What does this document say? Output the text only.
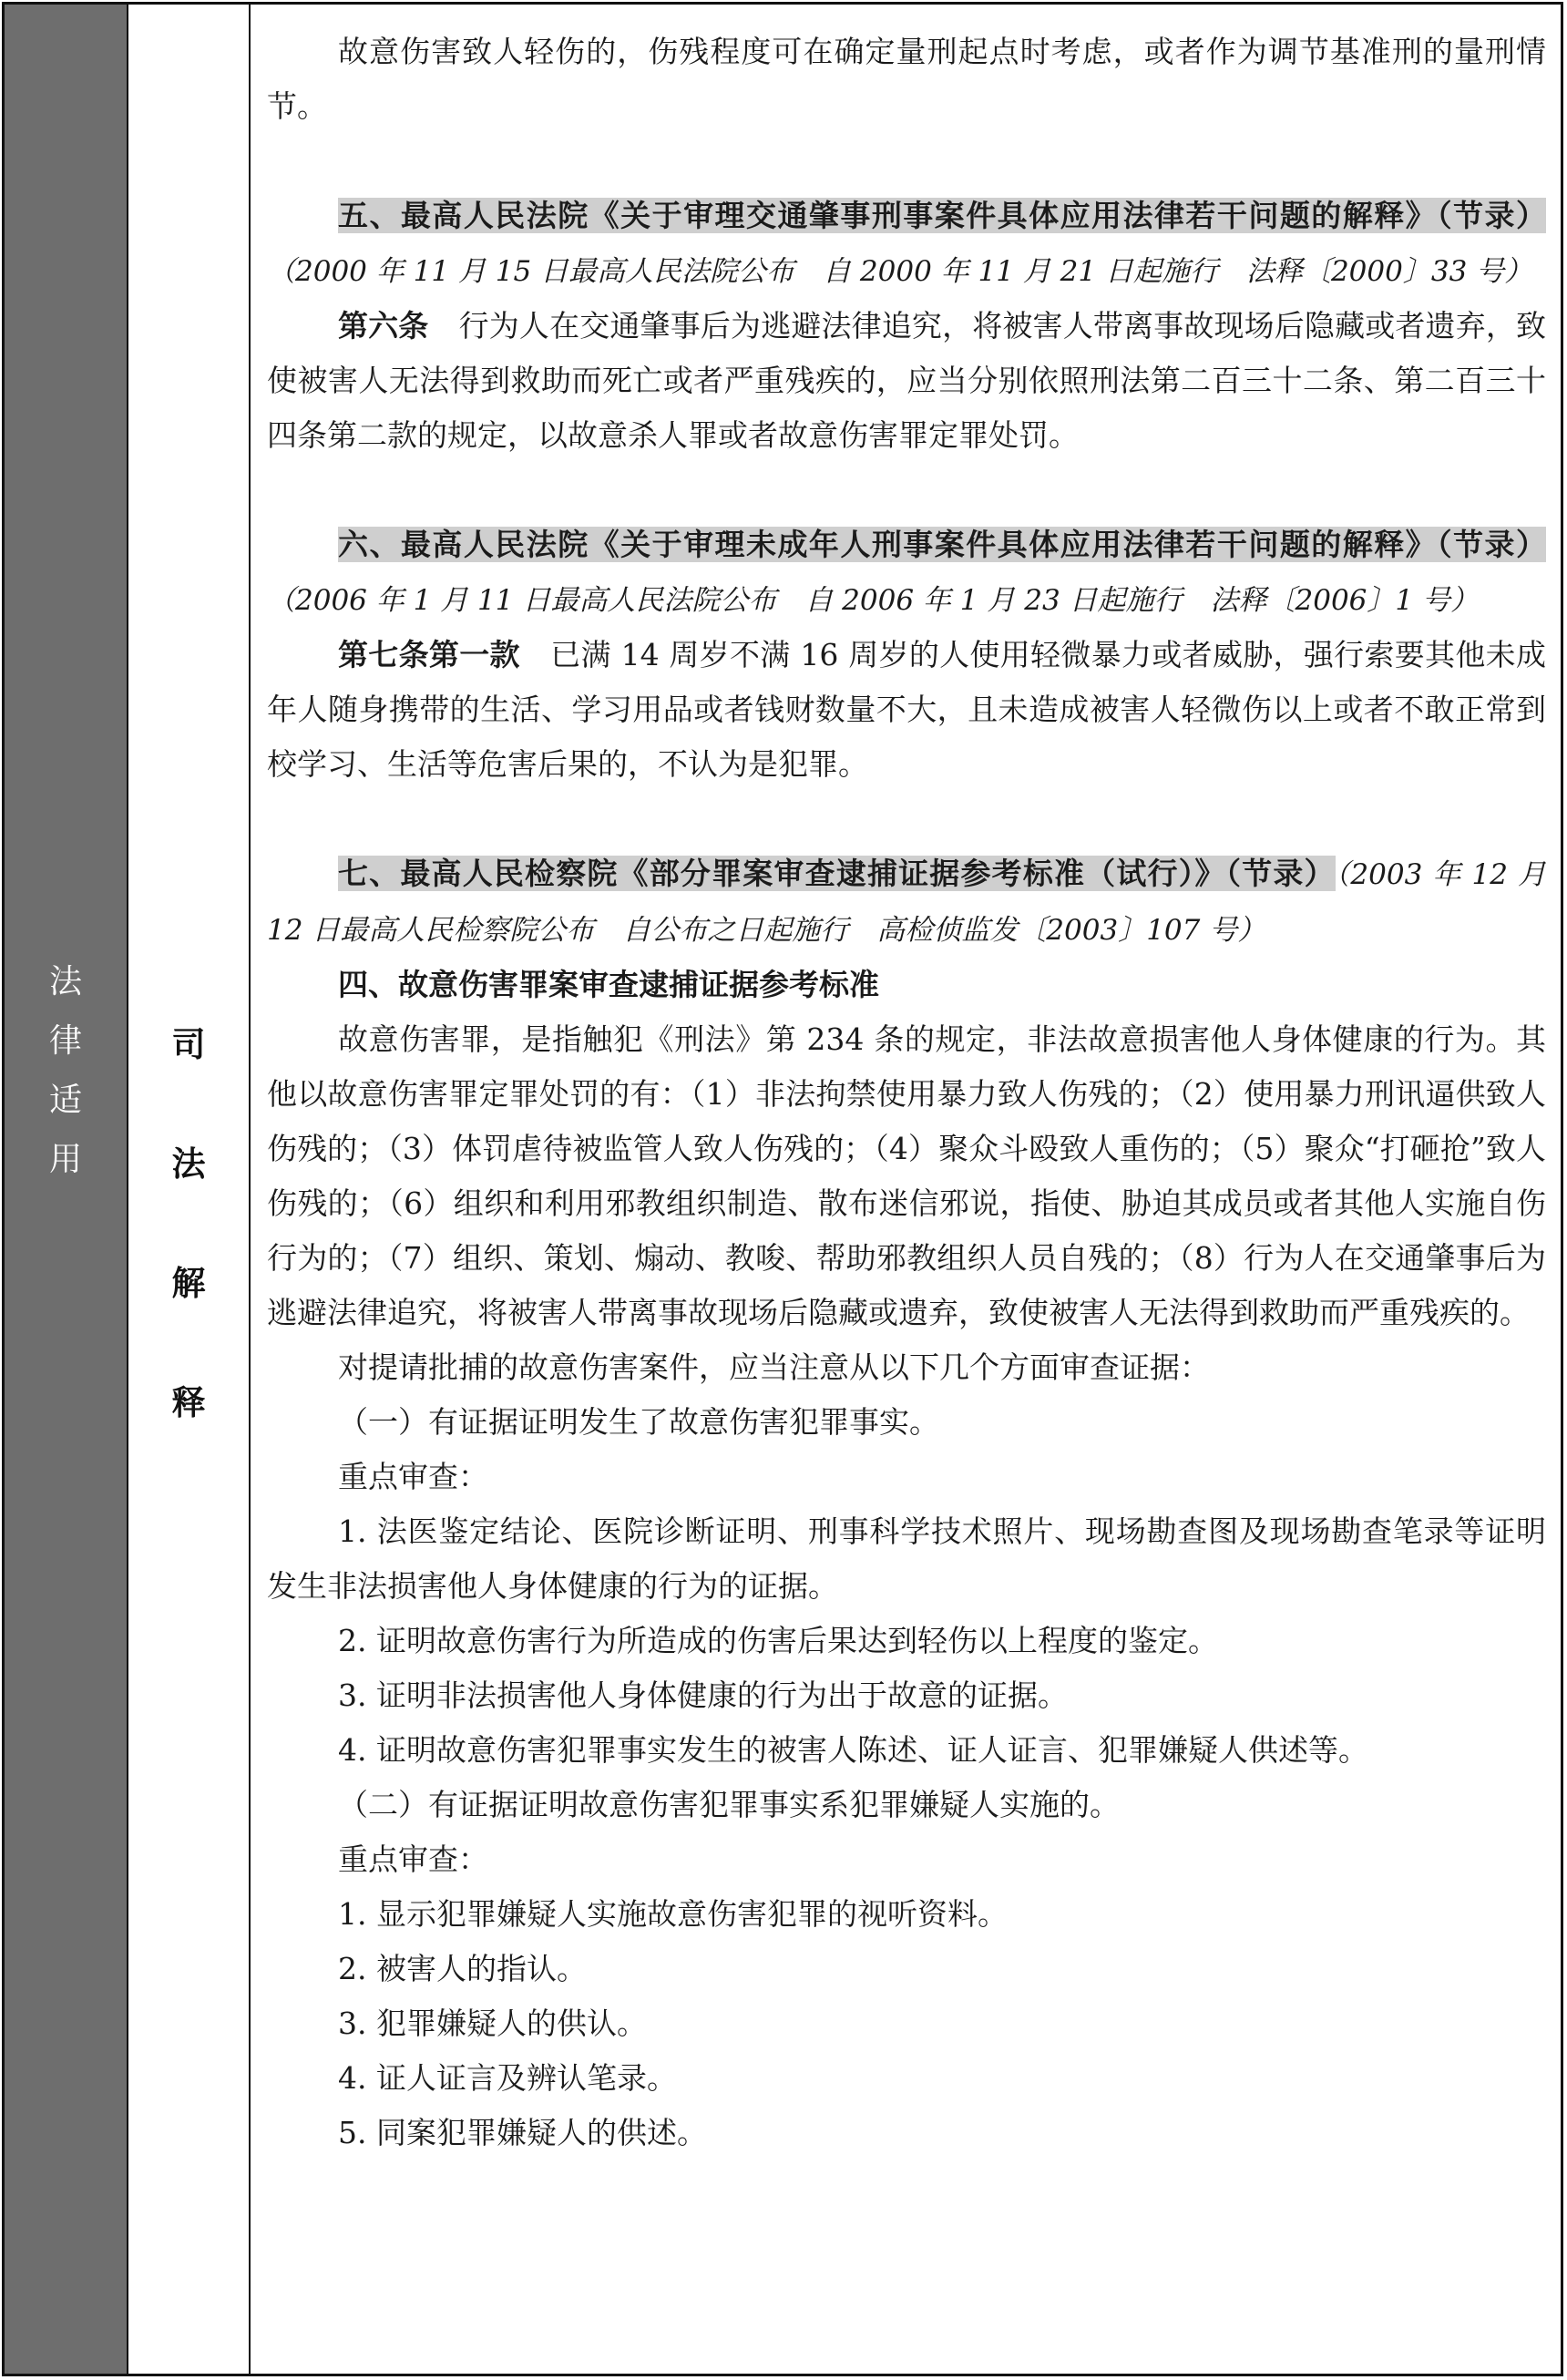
法
律
适
用
司
法
解
释

故意伤害致人轻伤的，伤残程度可在确定量刑起点时考虑，或者作为调节基准刑的量刑情节。

五、最高人民法院《关于审理交通肇事刑事案件具体应用法律若干问题的解释》（节录）（2000 年 11 月 15 日最高人民法院公布　自 2000 年 11 月 21 日起施行　法释〔2000〕33 号）

第六条　行为人在交通肇事后为逃避法律追究，将被害人带离事故现场后隐藏或者遗弃，致使被害人无法得到救助而死亡或者严重残疾的，应当分别依照刑法第二百三十二条、第二百三十四条第二款的规定，以故意杀人罪或者故意伤害罪定罪处罚。

六、最高人民法院《关于审理未成年人刑事案件具体应用法律若干问题的解释》（节录）（2006 年 1 月 11 日最高人民法院公布　自 2006 年 1 月 23 日起施行　法释〔2006〕1 号）

第七条第一款　已满 14 周岁不满 16 周岁的人使用轻微暴力或者威胁，强行索要其他未成年人随身携带的生活、学习用品或者钱财数量不大，且未造成被害人轻微伤以上或者不敢正常到校学习、生活等危害后果的，不认为是犯罪。

七、最高人民检察院《部分罪案审查逮捕证据参考标准（试行）》（节录）（2003 年 12 月 12 日最高人民检察院公布　自公布之日起施行　高检侦监发〔2003〕107 号）

四、故意伤害罪案审查逮捕证据参考标准

故意伤害罪，是指触犯《刑法》第 234 条的规定，非法故意损害他人身体健康的行为。其他以故意伤害罪定罪处罚的有：（1）非法拘禁使用暴力致人伤残的；（2）使用暴力刑讯逼供致人伤残的；（3）体罚虐待被监管人致人伤残的；（4）聚众斗殴致人重伤的；（5）聚众“打砸抢”致人伤残的；（6）组织和利用邪教组织制造、散布迷信邪说，指使、胁迫其成员或者其他人实施自伤行为的；（7）组织、策划、煽动、教唆、帮助邪教组织人员自残的；（8）行为人在交通肇事后为逃避法律追究，将被害人带离事故现场后隐藏或遗弃，致使被害人无法得到救助而严重残疾的。

对提请批捕的故意伤害案件，应当注意从以下几个方面审查证据：

（一）有证据证明发生了故意伤害犯罪事实。

重点审查：

1. 法医鉴定结论、医院诊断证明、刑事科学技术照片、现场勘查图及现场勘查笔录等证明发生非法损害他人身体健康的行为的证据。

2. 证明故意伤害行为所造成的伤害后果达到轻伤以上程度的鉴定。

3. 证明非法损害他人身体健康的行为出于故意的证据。

4. 证明故意伤害犯罪事实发生的被害人陈述、证人证言、犯罪嫌疑人供述等。

（二）有证据证明故意伤害犯罪事实系犯罪嫌疑人实施的。

重点审查：

1. 显示犯罪嫌疑人实施故意伤害犯罪的视听资料。

2. 被害人的指认。

3. 犯罪嫌疑人的供认。

4. 证人证言及辨认笔录。

5. 同案犯罪嫌疑人的供述。
